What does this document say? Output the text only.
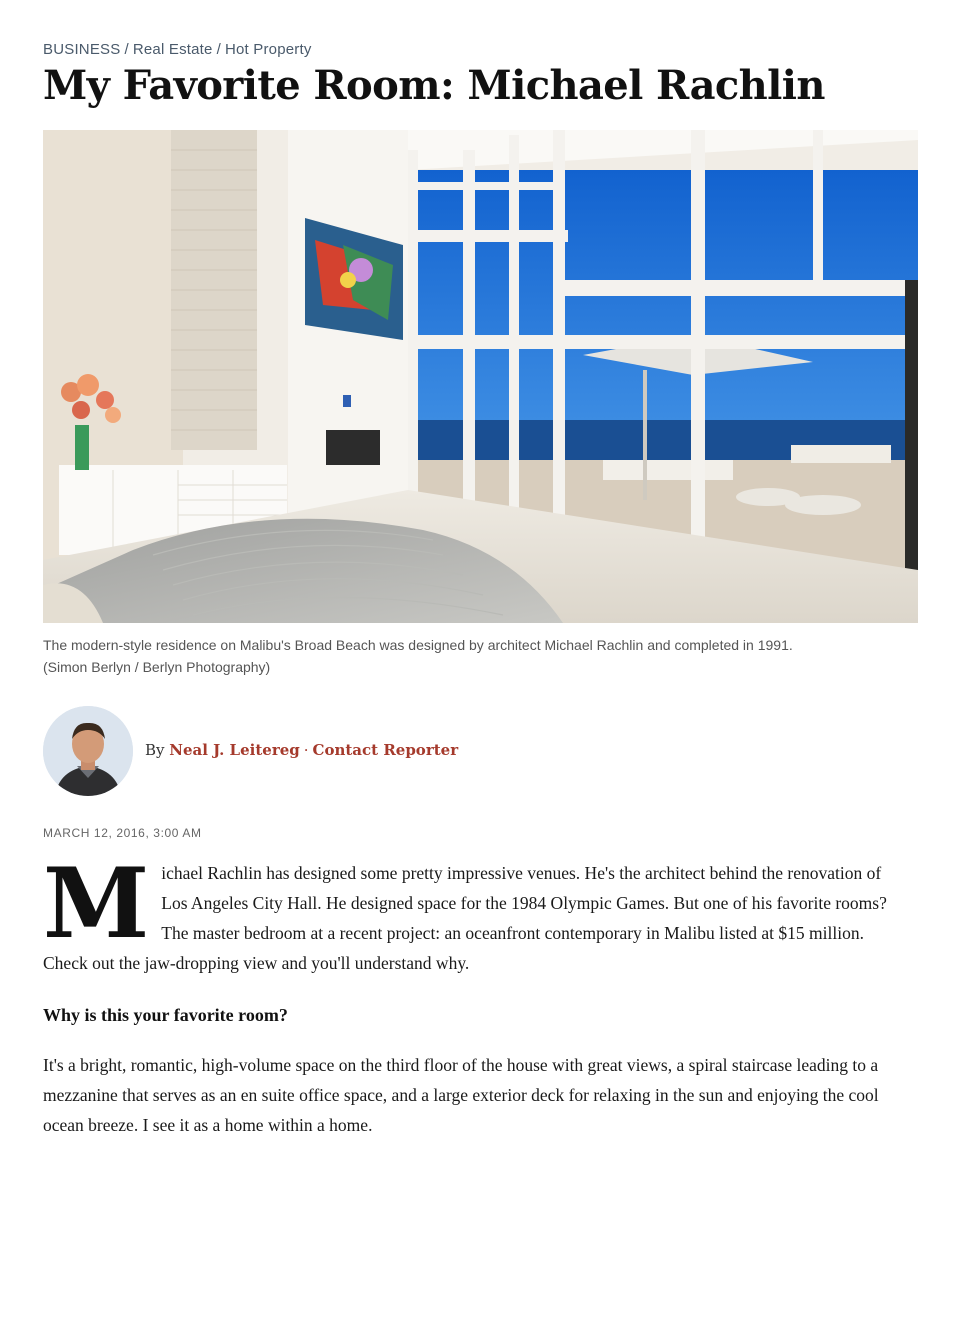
BUSINESS / Real Estate / Hot Property
My Favorite Room: Michael Rachlin
The modern-style residence on Malibu's Broad Beach was designed by architect Michael Rachlin and completed in 1991.
(Simon Berlyn / Berlyn Photography)
By Neal J. Leitereg · Contact Reporter
MARCH 12, 2016, 3:00 AM

Michael Rachlin has designed some pretty impressive venues. He's the architect behind the renovation of Los Angeles City Hall. He designed space for the 1984 Olympic Games. But one of his favorite rooms? The master bedroom at a recent project: an oceanfront contemporary in Malibu listed at $15 million. Check out the jaw-dropping view and you'll understand why.

Why is this your favorite room?

It's a bright, romantic, high-volume space on the third floor of the house with great views, a spiral staircase leading to a mezzanine that serves as an en suite office space, and a large exterior deck for relaxing in the sun and enjoying the cool ocean breeze. I see it as a home within a home.
